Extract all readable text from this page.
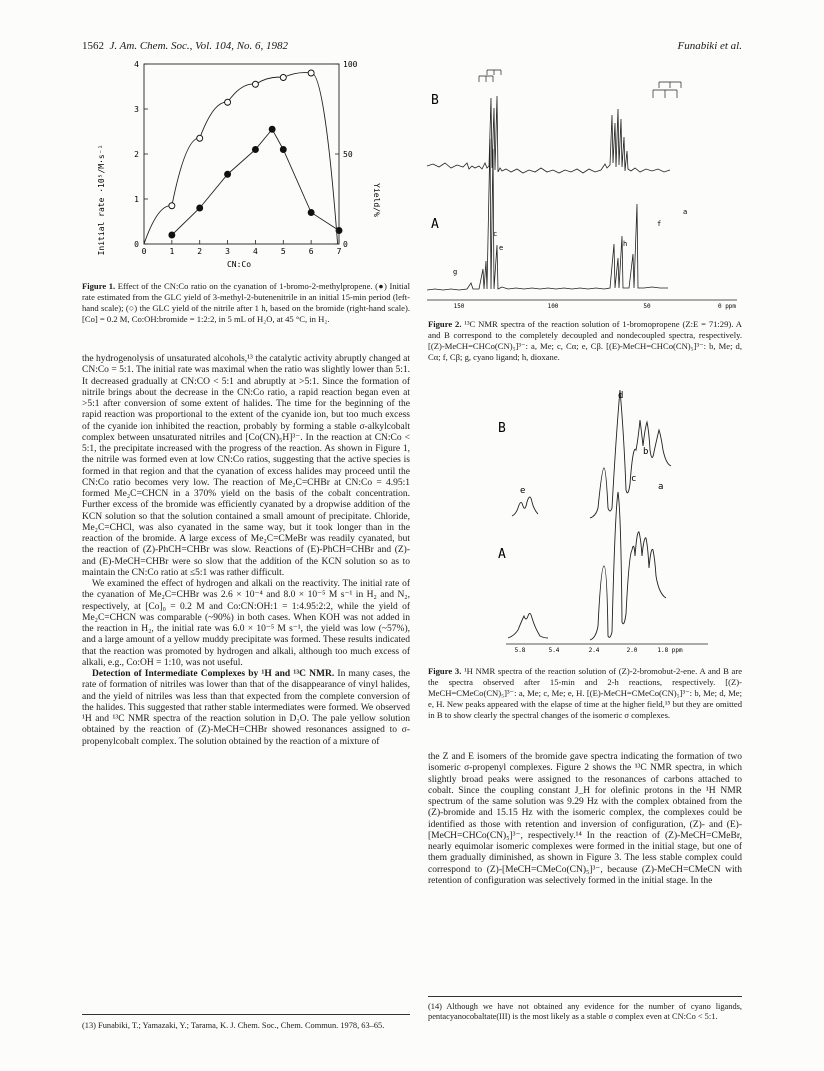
1562 J. Am. Chem. Soc., Vol. 104, No. 6, 1982	Funabiki et al.
Initial rate ·10⁵/M·s⁻¹	Yield/%
CN:Co
0	1	2	3	4	5	6	7
0
1
2
3
4
0
50
100
Figure 1. Effect of the CN:Co ratio on the cyanation of 1-bromo-2-methylpropene. (●) Initial rate estimated from the GLC yield of 3-methyl-2-butenenitrile in an initial 15-min period (left-hand scale); (○) the GLC yield of the nitrile after 1 h, based on the bromide (right-hand scale). [Co] = 0.2 M, Co:OH:bromide = 1:2:2, in 5 mL of H₂O, at 45 °C, in H₂.
B
A
g
c
e
f
h
a
150	100	50	0 ppm
Figure 2. ¹³C NMR spectra of the reaction solution of 1-bromopropene (Z:E = 71:29). A and B correspond to the completely decoupled and nondecoupled spectra, respectively. [(Z)-MeCH=CHCo(CN)₅]³⁻: a, Me; c, Cα; e, Cβ. [(E)-MeCH=CHCo(CN)₅]³⁻: b, Me; d, Cα; f, Cβ; g, cyano ligand; h, dioxane.
B
A
d
b
c
a
e
5.8	5.4	2.4	2.0	1.8 ppm
Figure 3. ¹H NMR spectra of the reaction solution of (Z)-2-bromobut-2-ene. A and B are the spectra observed after 15-min and 2-h reactions, respectively. [(Z)-MeCH=CMeCo(CN)₅]³⁻: a, Me; c, Me; e, H. [(E)-MeCH=CMeCo(CN)₅]³⁻: b, Me; d, Me; e, H. New peaks appeared with the elapse of time at the higher field,¹⁵ but they are omitted in B to show clearly the spectral changes of the isomeric σ complexes.

the hydrogenolysis of unsaturated alcohols,¹³ the catalytic activity abruptly changed at CN:Co = 5:1. The initial rate was maximal when the ratio was slightly lower than 5:1. It decreased gradually at CN:CO < 5:1 and abruptly at >5:1. Since the formation of nitrile brings about the decrease in the CN:Co ratio, a rapid reaction began even at >5:1 after conversion of some extent of halides. The time for the beginning of the rapid reaction was proportional to the extent of the cyanide ion, but too much excess of the cyanide ion inhibited the reaction, probably by forming a stable σ-alkylcobalt complex between unsaturated nitriles and [Co(CN)₅H]³⁻. In the reaction at CN:Co < 5:1, the precipitate increased with the progress of the reaction. As shown in Figure 1, the nitrile was formed even at low CN:Co ratios, suggesting that the active species is formed in that region and that the cyanation of excess halides may proceed until the CN:Co ratio becomes very low. The reaction of Me₂C=CHBr at CN:Co = 4.95:1 formed Me₂C=CHCN in a 370% yield on the basis of the cobalt concentration. Further excess of the bromide was efficiently cyanated by a dropwise addition of the KCN solution so that the solution contained a small amount of precipitate. Chloride, Me₂C=CHCl, was also cyanated in the same way, but it took longer than in the reaction of the bromide. A large excess of Me₂C=CMeBr was readily cyanated, but the reaction of (Z)-PhCH=CHBr was slow. Reactions of (E)-PhCH=CHBr and (Z)- and (E)-MeCH=CHBr were so slow that the addition of the KCN solution so as to maintain the CN:Co ratio at ≤5:1 was rather difficult.

We examined the effect of hydrogen and alkali on the reactivity. The initial rate of the cyanation of Me₂C=CHBr was 2.6 × 10⁻⁴ and 8.0 × 10⁻⁵ M s⁻¹ in H₂ and N₂, respectively, at [Co]₀ = 0.2 M and Co:CN:OH:1 = 1:4.95:2:2, while the yield of Me₂C=CHCN was comparable (~90%) in both cases. When KOH was not added in the reaction in H₂, the initial rate was 6.0 × 10⁻⁵ M s⁻¹, the yield was low (~57%), and a large amount of a yellow muddy precipitate was formed. These results indicated that the reaction was promoted by hydrogen and alkali, although too much excess of alkali, e.g., Co:OH = 1:10, was not useful.

Detection of Intermediate Complexes by ¹H and ¹³C NMR. In many cases, the rate of formation of nitriles was lower than that of the disappearance of vinyl halides, and the yield of nitriles was less than that expected from the complete conversion of the halides. This suggested that rather stable intermediates were formed. We observed ¹H and ¹³C NMR spectra of the reaction solution in D₂O. The pale yellow solution obtained by the reaction of (Z)-MeCH=CHBr showed resonances assigned to σ-propenylcobalt complex. The solution obtained by the reaction of a mixture of

the Z and E isomers of the bromide gave spectra indicating the formation of two isomeric σ-propenyl complexes. Figure 2 shows the ¹³C NMR spectra, in which slightly broad peaks were assigned to the resonances of carbons attached to cobalt. Since the coupling constant J_H for olefinic protons in the ¹H NMR spectrum of the same solution was 9.29 Hz with the complex obtained from the (Z)-bromide and 15.15 Hz with the isomeric complex, the complexes could be identified as those with retention and inversion of configuration, (Z)- and (E)-[MeCH=CHCo(CN)₅]³⁻, respectively.¹⁴ In the reaction of (Z)-MeCH=CMeBr, nearly equimolar isomeric complexes were formed in the initial stage, but one of them gradually diminished, as shown in Figure 3. The less stable complex could correspond to (Z)-[MeCH=CMeCo(CN)₅]³⁻, because (Z)-MeCH=CMeCN with retention of configuration was selectively formed in the initial stage. In the

(13) Funabiki, T.; Yamazaki, Y.; Tarama, K. J. Chem. Soc., Chem. Commun. 1978, 63–65.
(14) Although we have not obtained any evidence for the number of cyano ligands, pentacyanocobaltate(III) is the most likely as a stable σ complex even at CN:Co < 5:1.
